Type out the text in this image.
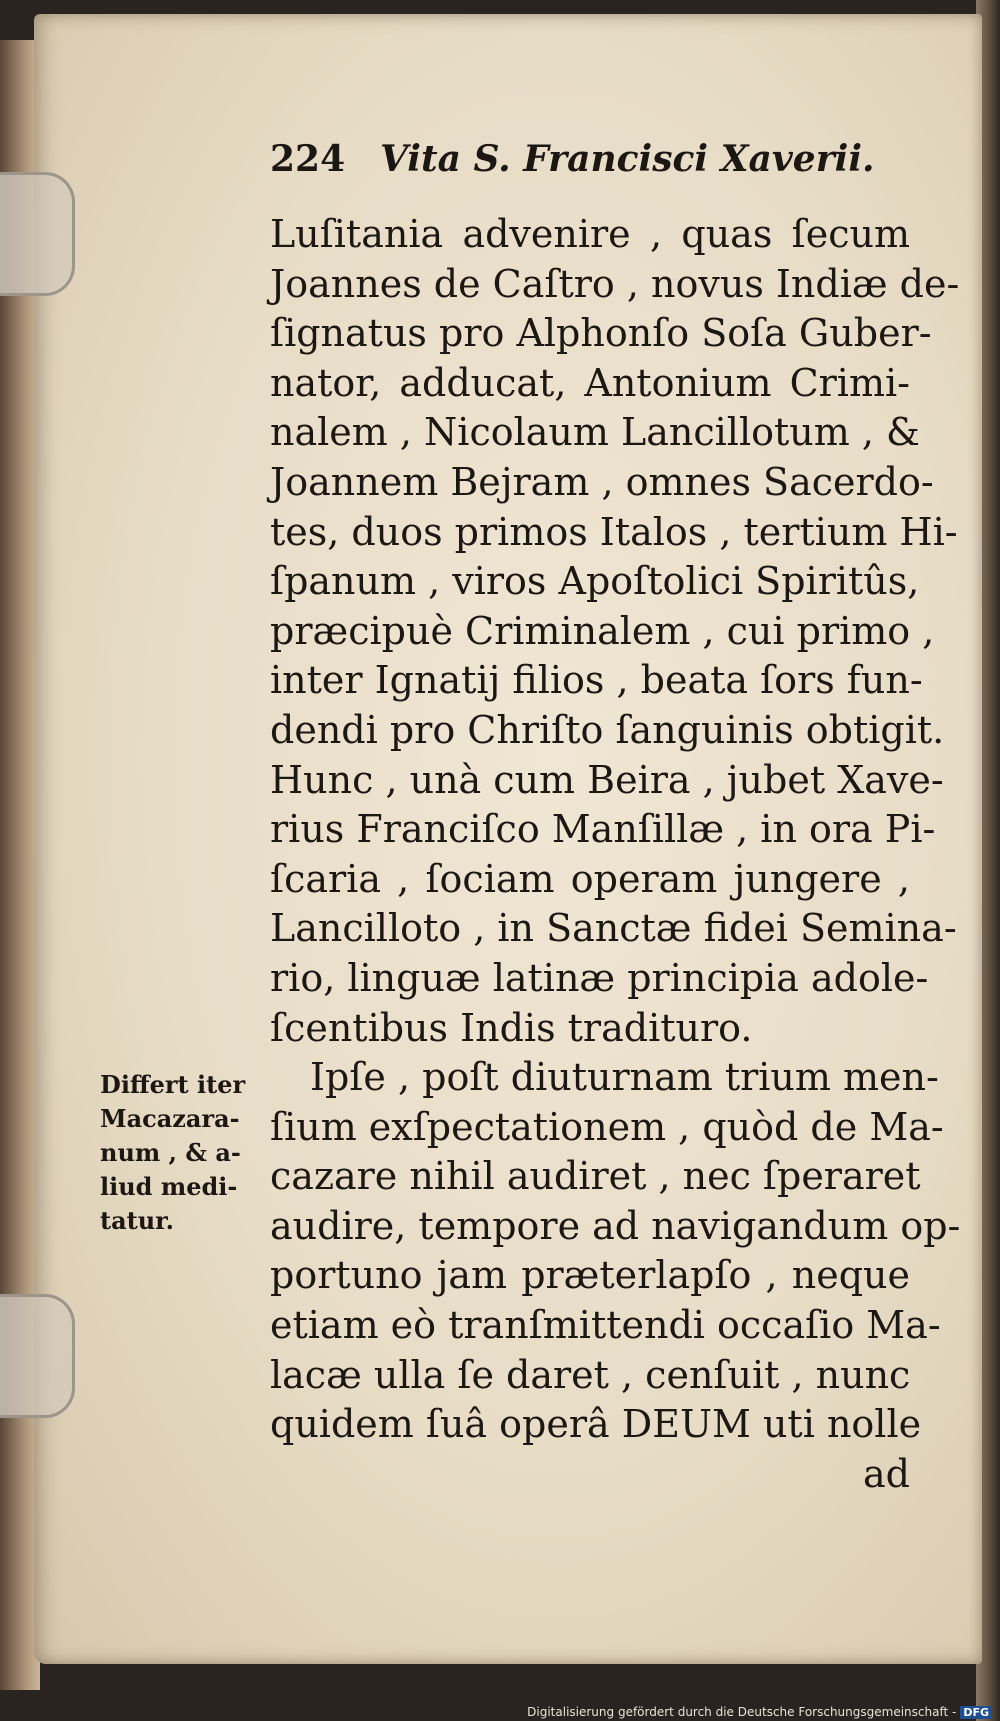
224 Vita S. Francisci Xaverii.
Luſitania advenire , quas ſecum
Joannes de Caſtro , novus Indiæ de-
ſignatus pro Alphonſo Soſa Guber-
nator, adducat, Antonium Crimi-
nalem , Nicolaum Lancillotum , &
Joannem Bejram , omnes Sacerdo-
tes, duos primos Italos , tertium Hi-
ſpanum , viros Apoſtolici Spiritûs,
præcipuè Criminalem , cui primo ,
inter Ignatij filios , beata ſors fun-
dendi pro Chriſto ſanguinis obtigit.
Hunc , unà cum Beira , jubet Xave-
rius Franciſco Manſillæ , in ora Pi-
ſcaria , ſociam operam jungere ,
Lancilloto , in Sanctæ fidei Semina-
rio, linguæ latinæ principia adole-
ſcentibus Indis tradituro.
Ipſe , poſt diuturnam trium men-
ſium exſpectationem , quòd de Ma-
cazare nihil audiret , nec ſperaret
audire, tempore ad navigandum op-
portuno jam præterlapſo , neque
etiam eò tranſmittendi occaſio Ma-
lacæ ulla ſe daret , cenſuit , nunc
quidem ſuâ operâ DEUM uti nolle
ad
Differt iter
Macazara-
num , & a-
liud medi-
tatur.
Digitalisierung gefördert durch die Deutsche Forschungsgemeinschaft - DFG
